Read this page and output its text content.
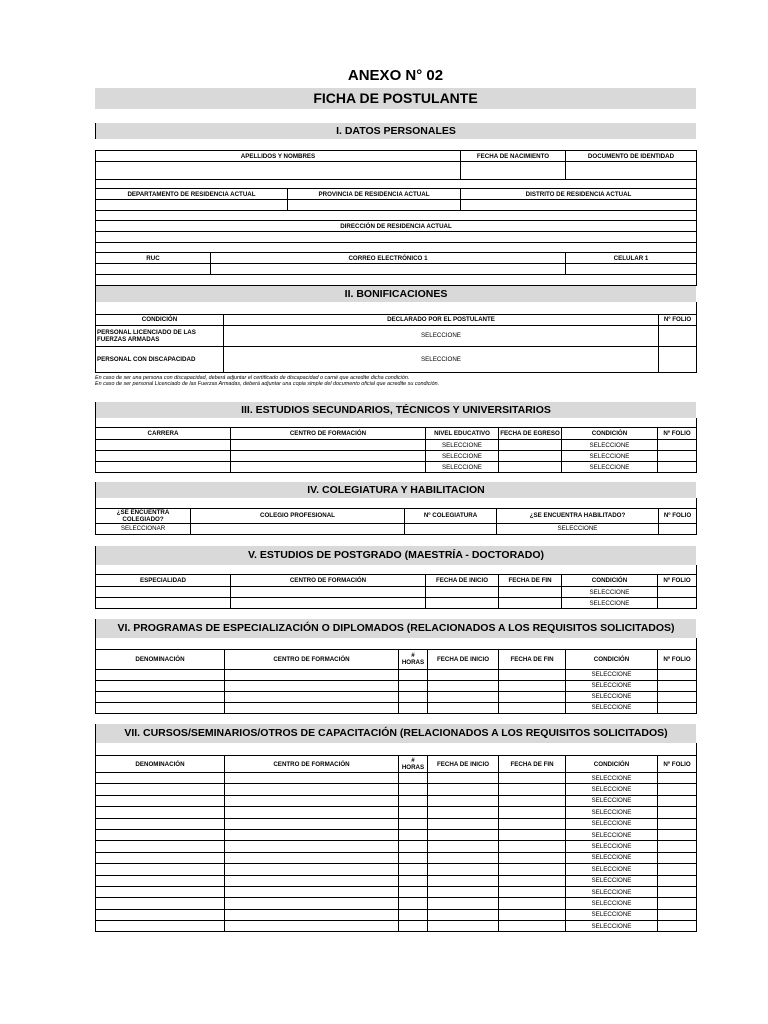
ANEXO N° 02
FICHA DE POSTULANTE
I. DATOS PERSONALES
APELLIDOS Y NOMBRES			FECHA DE NACIMIENTO	DOCUMENTO DE IDENTIDAD

DEPARTAMENTO DE RESIDENCIA ACTUAL		PROVINCIA DE RESIDENCIA ACTUAL	DISTRITO DE RESIDENCIA ACTUAL	

DIRECCIÓN DE RESIDENCIA ACTUAL				

RUC	CORREO ELECTRÓNICO 1			CELULAR 1

II. BONIFICACIONES

CONDICIÓN	DECLARADO POR EL POSTULANTE	Nº FOLIO
PERSONAL LICENCIADO DE LAS FUERZAS ARMADAS	SELECCIONE	
PERSONAL CON DISCAPACIDAD	SELECCIONE	
En caso de ser una persona con discapacidad, deberá adjuntar el certificado de discapacidad o carné que acredite dicha condición.
En caso de ser personal Licenciado de las Fuerzas Armadas, deberá adjuntar una copia simple del documento oficial que acredite su condición.
III. ESTUDIOS SECUNDARIOS, TÉCNICOS Y UNIVERSITARIOS

CARRERA	CENTRO DE FORMACIÓN	NIVEL EDUCATIVO	FECHA DE EGRESO	CONDICIÓN	Nº FOLIO
		SELECCIONE		SELECCIONE	
		SELECCIONE		SELECCIONE	
		SELECCIONE		SELECCIONE	
IV. COLEGIATURA Y HABILITACION

¿SE ENCUENTRA COLEGIADO?	COLEGIO PROFESIONAL	Nº COLEGIATURA	¿SE ENCUENTRA HABILITADO?	Nº FOLIO
SELECCIONAR			SELECCIONE	
V. ESTUDIOS DE POSTGRADO (MAESTRÍA - DOCTORADO)

ESPECIALIDAD	CENTRO DE FORMACIÓN	FECHA DE INICIO	FECHA DE FIN	CONDICIÓN	Nº FOLIO
				SELECCIONE	
				SELECCIONE	
VI. PROGRAMAS DE ESPECIALIZACIÓN O DIPLOMADOS (RELACIONADOS A LOS REQUISITOS SOLICITADOS)

DENOMINACIÓN	CENTRO DE FORMACIÓN	# HORAS	FECHA DE INICIO	FECHA DE FIN	CONDICIÓN	Nº FOLIO
					SELECCIONE	
					SELECCIONE	
					SELECCIONE	
					SELECCIONE	
VII. CURSOS/SEMINARIOS/OTROS DE CAPACITACIÓN (RELACIONADOS A LOS REQUISITOS SOLICITADOS)

DENOMINACIÓN	CENTRO DE FORMACIÓN	# HORAS	FECHA DE INICIO	FECHA DE FIN	CONDICIÓN	Nº FOLIO
					SELECCIONE	
					SELECCIONE	
					SELECCIONE	
					SELECCIONE	
					SELECCIONE	
					SELECCIONE	
					SELECCIONE	
					SELECCIONE	
					SELECCIONE	
					SELECCIONE	
					SELECCIONE	
					SELECCIONE	
					SELECCIONE	
					SELECCIONE	
